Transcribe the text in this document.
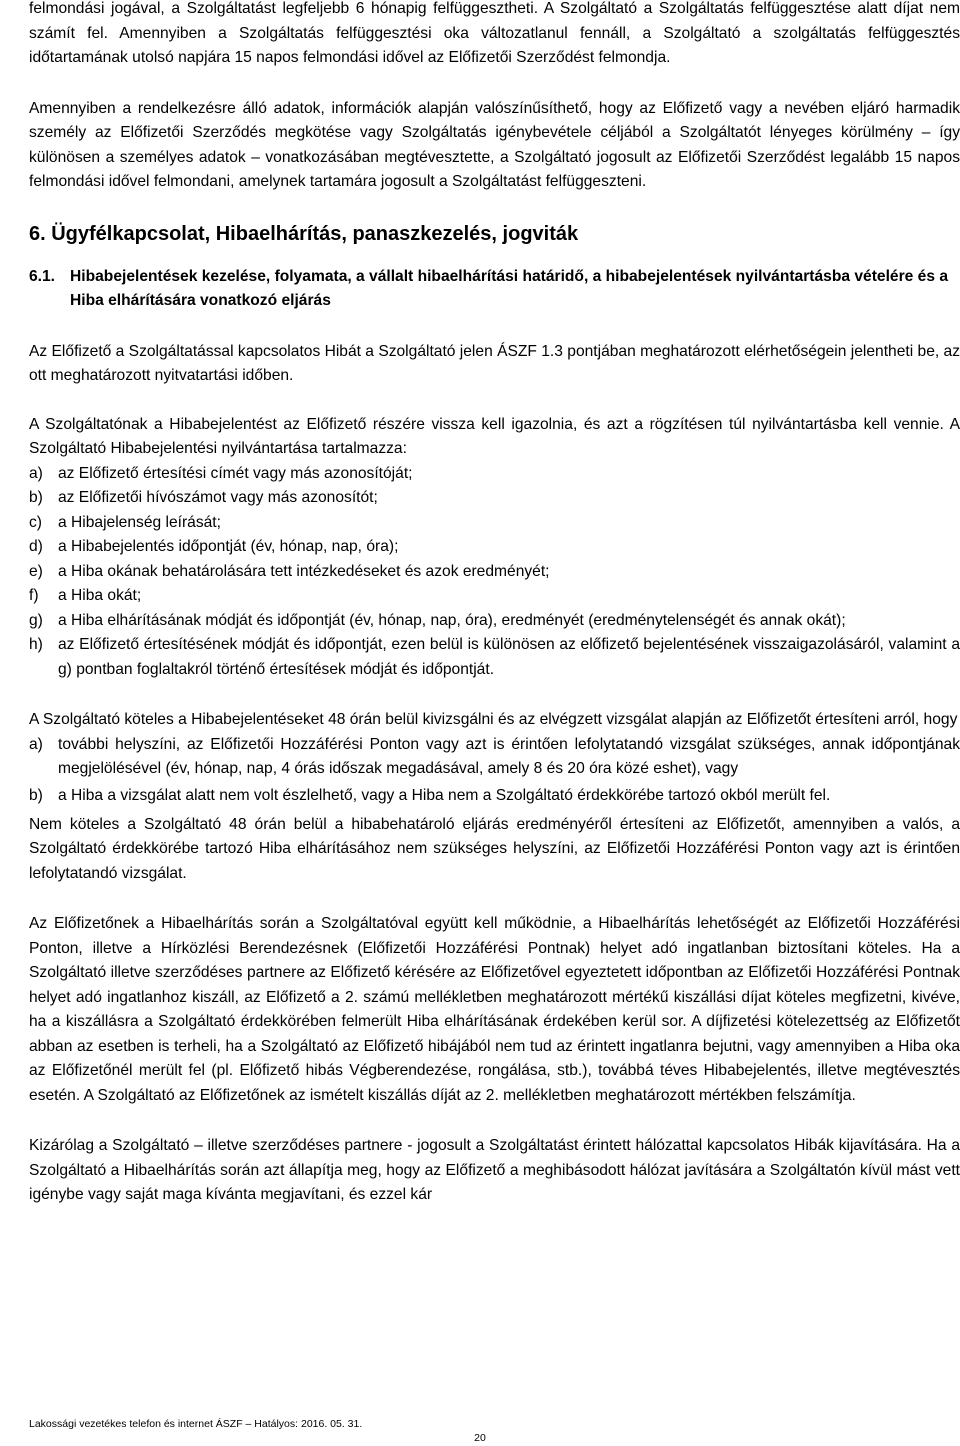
felmondási jogával, a Szolgáltatást legfeljebb 6 hónapig felfüggesztheti. A Szolgáltató a Szolgáltatás felfüggesztése alatt díjat nem számít fel. Amennyiben a Szolgáltatás felfüggesztési oka változatlanul fennáll, a Szolgáltató a szolgáltatás felfüggesztés időtartamának utolsó napjára 15 napos felmondási idővel az Előfizetői Szerződést felmondja.

Amennyiben a rendelkezésre álló adatok, információk alapján valószínűsíthető, hogy az Előfizető vagy a nevében eljáró harmadik személy az Előfizetői Szerződés megkötése vagy Szolgáltatás igénybevétele céljából a Szolgáltatót lényeges körülmény – így különösen a személyes adatok – vonatkozásában megtévesztette, a Szolgáltató jogosult az Előfizetői Szerződést legalább 15 napos felmondási idővel felmondani, amelynek tartamára jogosult a Szolgáltatást felfüggeszteni.

6. Ügyfélkapcsolat, Hibaelhárítás, panaszkezelés, jogviták
6.1. Hibabejelentések kezelése, folyamata, a vállalt hibaelhárítási határidő, a hibabejelentések nyilvántartásba vételére és a Hiba elhárítására vonatkozó eljárás

Az Előfizető a Szolgáltatással kapcsolatos Hibát a Szolgáltató jelen ÁSZF 1.3 pontjában meghatározott elérhetőségein jelentheti be, az ott meghatározott nyitvatartási időben.

A Szolgáltatónak a Hibabejelentést az Előfizető részére vissza kell igazolnia, és azt a rögzítésen túl nyilvántartásba kell vennie. A Szolgáltató Hibabejelentési nyilvántartása tartalmazza:

a) az Előfizető értesítési címét vagy más azonosítóját;
b) az Előfizetői hívószámot vagy más azonosítót;
c)	a Hibajelenség leírását;
d) a Hibabejelentés időpontját (év, hónap, nap, óra);
e) a Hiba okának behatárolására tett intézkedéseket és azok eredményét;
f)	a Hiba okát;
g) a Hiba elhárításának módját és időpontját (év, hónap, nap, óra), eredményét (eredménytelenségét és annak okát);
h) az Előfizető értesítésének módját és időpontját, ezen belül is különösen az előfizető bejelentésének visszaigazolásáról, valamint a g) pontban foglaltakról történő értesítések módját és időpontját.

A Szolgáltató köteles a Hibabejelentéseket 48 órán belül kivizsgálni és az elvégzett vizsgálat alapján az Előfizetőt értesíteni arról, hogy

a) további helyszíni, az Előfizetői Hozzáférési Ponton vagy azt is érintően lefolytatandó vizsgálat szükséges, annak időpontjának megjelölésével (év, hónap, nap, 4 órás időszak megadásával, amely 8 és 20 óra közé eshet), vagy
b) a Hiba a vizsgálat alatt nem volt észlelhető, vagy a Hiba nem a Szolgáltató érdekkörébe tartozó okból merült fel.

Nem köteles a Szolgáltató 48 órán belül a hibabehatároló eljárás eredményéről értesíteni az Előfizetőt, amennyiben a valós, a Szolgáltató érdekkörébe tartozó Hiba elhárításához nem szükséges helyszíni, az Előfizetői Hozzáférési Ponton vagy azt is érintően lefolytatandó vizsgálat.

Az Előfizetőnek a Hibaelhárítás során a Szolgáltatóval együtt kell működnie, a Hibaelhárítás lehetőségét az Előfizetői Hozzáférési Ponton, illetve a Hírközlési Berendezésnek (Előfizetői Hozzáférési Pontnak) helyet adó ingatlanban biztosítani köteles. Ha a Szolgáltató illetve szerződéses partnere az Előfizető kérésére az Előfizetővel egyeztetett időpontban az Előfizetői Hozzáférési Pontnak helyet adó ingatlanhoz kiszáll, az Előfizető a 2. számú mellékletben meghatározott mértékű kiszállási díjat köteles megfizetni, kivéve, ha a kiszállásra a Szolgáltató érdekkörében felmerült Hiba elhárításának érdekében kerül sor. A díjfizetési kötelezettség az Előfizetőt abban az esetben is terheli, ha a Szolgáltató az Előfizető hibájából nem tud az érintett ingatlanra bejutni, vagy amennyiben a Hiba oka az Előfizetőnél merült fel (pl. Előfizető hibás Végberendezése, rongálása, stb.), továbbá téves Hibabejelentés, illetve megtévesztés esetén. A Szolgáltató az Előfizetőnek az ismételt kiszállás díját az 2. mellékletben meghatározott mértékben felszámítja.

Kizárólag a Szolgáltató – illetve szerződéses partnere - jogosult a Szolgáltatást érintett hálózattal kapcsolatos Hibák kijavítására. Ha a Szolgáltató a Hibaelhárítás során azt állapítja meg, hogy az Előfizető a meghibásodott hálózat javítására a Szolgáltatón kívül mást vett igénybe vagy saját maga kívánta megjavítani, és ezzel kár

Lakossági vezetékes telefon és internet ÁSZF – Hatályos: 2016. 05. 31.
20
